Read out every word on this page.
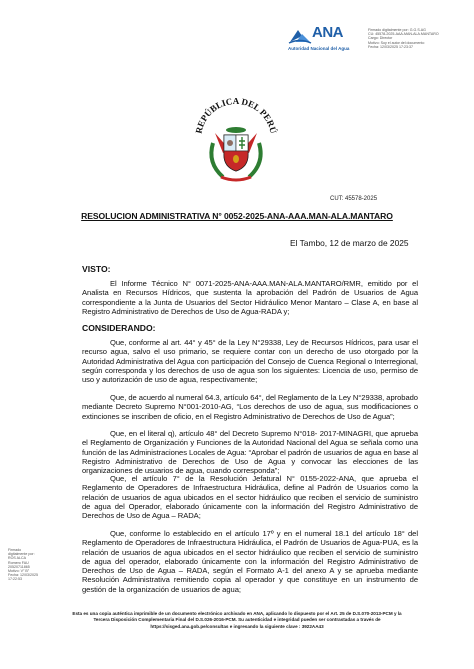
ANA
Autoridad Nacional del Agua
Firmado digitalmente por: G.G.S.AG
CU: 45578-2025-AAA-MAN-ALA.MANTARO
Cargo: Director
Motivo: Soy el autor del documento
Fecha: 12/03/2025 17:23:37
REPÚBLICA DEL PERÚ
CUT: 45578-2025
RESOLUCION ADMINISTRATIVA N° 0052-2025-ANA-AAA.MAN-ALA.MANTARO
El Tambo, 12 de marzo de 2025
VISTO:
El Informe Técnico N° 0071-2025-ANA-AAA.MAN-ALA.MANTARO/RMR, emitido por el Analista en Recursos Hídricos, que sustenta la aprobación del Padrón de Usuarios de Agua correspondiente a la Junta de Usuarios del Sector Hidráulico Menor Mantaro – Clase A, en base al Registro Administrativo de Derechos de Uso de Agua-RADA y;
CONSIDERANDO:
Que, conforme al art. 44° y 45° de la Ley N°29338, Ley de Recursos Hídricos, para usar el recurso agua, salvo el uso primario, se requiere contar con un derecho de uso otorgado por la Autoridad Administrativa del Agua con participación del Consejo de Cuenca Regional o Interregional, según corresponda y los derechos de uso de agua son los siguientes: Licencia de uso, permiso de uso y autorización de uso de agua, respectivamente;
Que, de acuerdo al numeral 64.3, artículo 64°, del Reglamento de la Ley N°29338, aprobado mediante Decreto Supremo N°001-2010-AG, “Los derechos de uso de agua, sus modificaciones o extinciones se inscriben de oficio, en el Registro Administrativo de Derechos de Uso de Agua”;
Que, en el literal q), artículo 48° del Decreto Supremo N°018- 2017-MINAGRI, que aprueba el Reglamento de Organización y Funciones de la Autoridad Nacional del Agua se señala como una función de las Administraciones Locales de Agua: “Aprobar el padrón de usuarios de agua en base al Registro Administrativo de Derechos de Uso de Agua y convocar las elecciones de las organizaciones de usuarios de agua, cuando corresponda”;
Que, el artículo 7° de la Resolución Jefatural N° 0155-2022-ANA, que aprueba el Reglamento de Operadores de Infraestructura Hidráulica, define al Padrón de Usuarios como la relación de usuarios de agua ubicados en el sector hidráulico que reciben el servicio de suministro de agua del Operador, elaborado únicamente con la información del Registro Administrativo de Derechos de Uso de Agua – RADA;
Que, conforme lo establecido en el artículo 17º y en el numeral 18.1 del artículo 18° del Reglamento de Operadores de Infraestructura Hidráulica, el Padrón de Usuarios de Agua-PUA, es la relación de usuarios de agua ubicados en el sector hidráulico que reciben el servicio de suministro de agua del operador, elaborado únicamente con la información del Registro Administrativo de Derechos de Uso de Agua – RADA, según el Formato A-1 del anexo A y se aprueba mediante Resolución Administrativa remitiendo copia al operador y que constituye en un instrumento de gestión de la organización de usuarios de agua;
Firmado
digitalmente por:
ROS ALCA
Romero FAU
20520711865
Motivo: V° B°
Fecha: 12/03/2025
17:22:53
Esta es una copia auténtica imprimible de un documento electrónico archivado en ANA, aplicando lo dispuesto por el Art. 25 de D.S.070-2013-PCM y la Tercera Disposición Complementaria Final del D.S.026-2016-PCM. Su autenticidad e integridad pueden ser contrastadas a través de https://sisged.ana.gob.pe/consultas e ingresando la siguiente clave : 3922AA43
